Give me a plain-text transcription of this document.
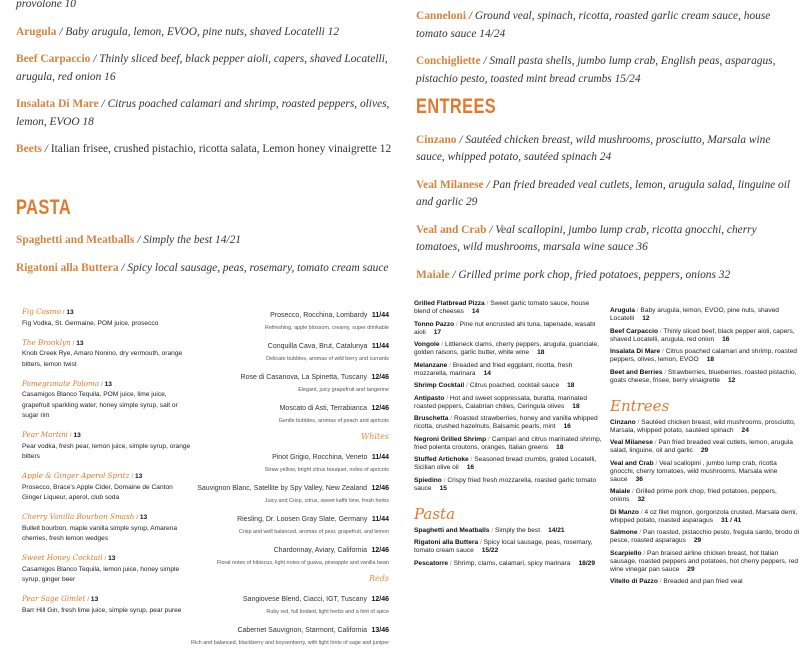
provolone 10
Arugula / Baby arugula, lemon, EVOO, pine nuts, shaved Locatelli 12
Beef Carpaccio / Thinly sliced beef, black pepper aioli, capers, shaved Locatelli, arugula, red onion 16
Insalata Di Mare / Citrus poached calamari and shrimp, roasted peppers, olives, lemon, EVOO 18
Beets / Italian frisee, crushed pistachio, ricotta salata, Lemon honey vinaigrette 12
PASTA
Spaghetti and Meatballs / Simply the best 14/21
Rigatoni alla Buttera / Spicy local sausage, peas, rosemary, tomato cream sauce
Canneloni / Ground veal, spinach, ricotta, roasted garlic cream sauce, house tomato sauce 14/24
Conchigliette / Small pasta shells, jumbo lump crab, English peas, asparagus, pistachio pesto, toasted mint bread crumbs 15/24
ENTREES
Cinzano / Sautéed chicken breast, wild mushrooms, prosciutto, Marsala wine sauce, whipped potato, sautéed spinach 24
Veal Milanese / Pan fried breaded veal cutlets, lemon, arugula salad, linguine oil and garlic 29
Veal and Crab / Veal scallopini, jumbo lump crab, ricotta gnocchi, cherry tomatoes, wild mushrooms, marsala wine sauce 36
Maiale / Grilled prime pork chop, fried potatoes, peppers, onions 32
Fig Cosmo / 13
Fig Vodka, St. Germaine, POM juice, prosecco
The Brooklyn / 13
Knob Creek Rye, Amaro Nonino, dry vermouth, orange bitters, lemon twist
Pomegranate Paloma / 13
Casamigos Blanco Tequila, POM juice, lime juice, grapefruit sparkling water, honey simple syrup, salt or sugar rim
Pear Martini / 13
Pear vodka, fresh pear, lemon juice, simple syrup, orange bitters
Apple & Ginger Aperol Spritz / 13
Prosecco, Brace's Apple Cider, Domaine de Canton Ginger Liqueur, aperol, club soda
Cherry Vanilla Bourbon Smash / 13
Bulleit bourbon, maple vanilla simple syrup, Amarena cherries, fresh lemon wedges
Sweet Honey Cocktail / 13
Casamigos Blanco Tequila, lemon juice, honey simple syrup, ginger beer
Pear Sage Gimlet / 13
Barr Hill Gin, fresh lime juice, simple syrup, pear puree
Prosecco, Rocchina, Lombardy 11/44
Refreshing, apple blossom, creamy, super drinkable
Conquilla Cava, Brut, Catalunya 11/44
Delicate bubbles, aromas of wild berry and currants
Rose di Casanova, La Spinetta, Tuscany 12/46
Elegant, juicy grapefruit and tangerine
Moscato di Asti, Terrabianca 12/46
Gentle bubbles, aromas of peach and apricots
Whites
Pinot Grigio, Rocchina, Veneto 11/44
Straw yellow, bright citrus bouquet, notes of apricots
Sauvignon Blanc, Satellite by Spy Valley, New Zealand 12/46
Juicy and Crisp, citrus, sweet kaffir lime, fresh herbs
Riesling, Dr. Loosen Gray Slate, Germany 11/44
Crisp and well balanced, aromas of pear, grapefruit, and lemon
Chardonnay, Aviary, California 12/46
Floral notes of hibiscus, light notes of guava, pineapple and vanilla bean
Reds
Sangiovese Blend, Ciacci, IGT, Tuscany 12/46
Ruby red, full bodied, light herbs and a hint of spice
Cabernet Sauvignon, Starmont, California 13/46
Rich and balanced, blackberry and boysenberry, with light hints of sage and juniper
Grilled Flatbread Pizza / Sweet garlic tomato sauce, house blend of cheeses 14
Tonno Pazzo / Pine nut encrusted ahi tuna, tapenade, wasabi aioli 17
Vongole / Littleneck clams, cherry peppers, arugula, guanciale, golden raisons, garlic butter, white wine 18
Melanzane / Breaded and fried eggplant, ricotta, fresh mozzarella, marinara 14
Shrimp Cocktail / Citrus poached, cocktail sauce 18
Antipasto / Hot and sweet soppressata, buratta, marinated roasted peppers, Calabrian chilies, Ceringula olives 18
Bruschetta / Roasted strawberries, honey and vanilla whipped ricotta, crushed hazelnuts, Balsamic pearls, mint 16
Negroni Grilled Shrimp / Campari and citrus marinated shrimp, fried polenta croutons, oranges, Italian greens 18
Stuffed Artichoke / Seasoned bread crumbs, grated Locatelli, Sicilian olive oil 16
Spiedino / Crispy fried fresh mozzarella, roasted garlic tomato sauce 15
Pasta
Spaghetti and Meatballs / Simply the best 14/21
Rigatoni alla Buttera / Spicy local sausage, peas, rosemary, tomato cream sauce 15/22
Pescatorre / Shrimp, clams, calamari, spicy marinara 18/29
Arugula / Baby arugula, lemon, EVOO, pine nuts, shaved Locatelli 12
Beef Carpaccio / Thinly sliced beef, black pepper aioli, capers, shaved Locatelli, arugula, red onion 16
Insalata Di Mare / Citrus poached calamari and shrimp, roasted peppers, olives, lemon, EVOO 18
Beet and Berries / Strawberries, blueberries, roasted pistachio, goats cheese, frisee, berry vinaigrette 12
Entrees
Cinzano / Sautéed chicken breast, wild mushrooms, prosciutto, Marsala, whipped potato, sautéed spinach 24
Veal Milanese / Pan fried breaded veal cutlets, lemon, arugula salad, linguine, oil and garlic 29
Veal and Crab / Veal scallopini , jumbo lump crab, ricotta gnocchi, cherry tomatoes, wild mushrooms, Marsala wine sauce 36
Maiale / Grilled prime pork chop, fried potatoes, peppers, onions 32
Di Manzo / 4 oz filet mignon, gorgonzola crusted, Marsala demi, whipped potato, roasted asparagus 31 / 41
Salmone / Pan roasted, pistacchio pesto, fregula sardo, brodo di pesce, roasted asparagus 29
Scarpiello / Pan braised airline chicken breast, hot Italian sausage, roasted peppers and potatoes, hot cherry peppers, red wine vinegar pan sauce 29
Vitello di Pazzo / Breaded and pan fried veal
